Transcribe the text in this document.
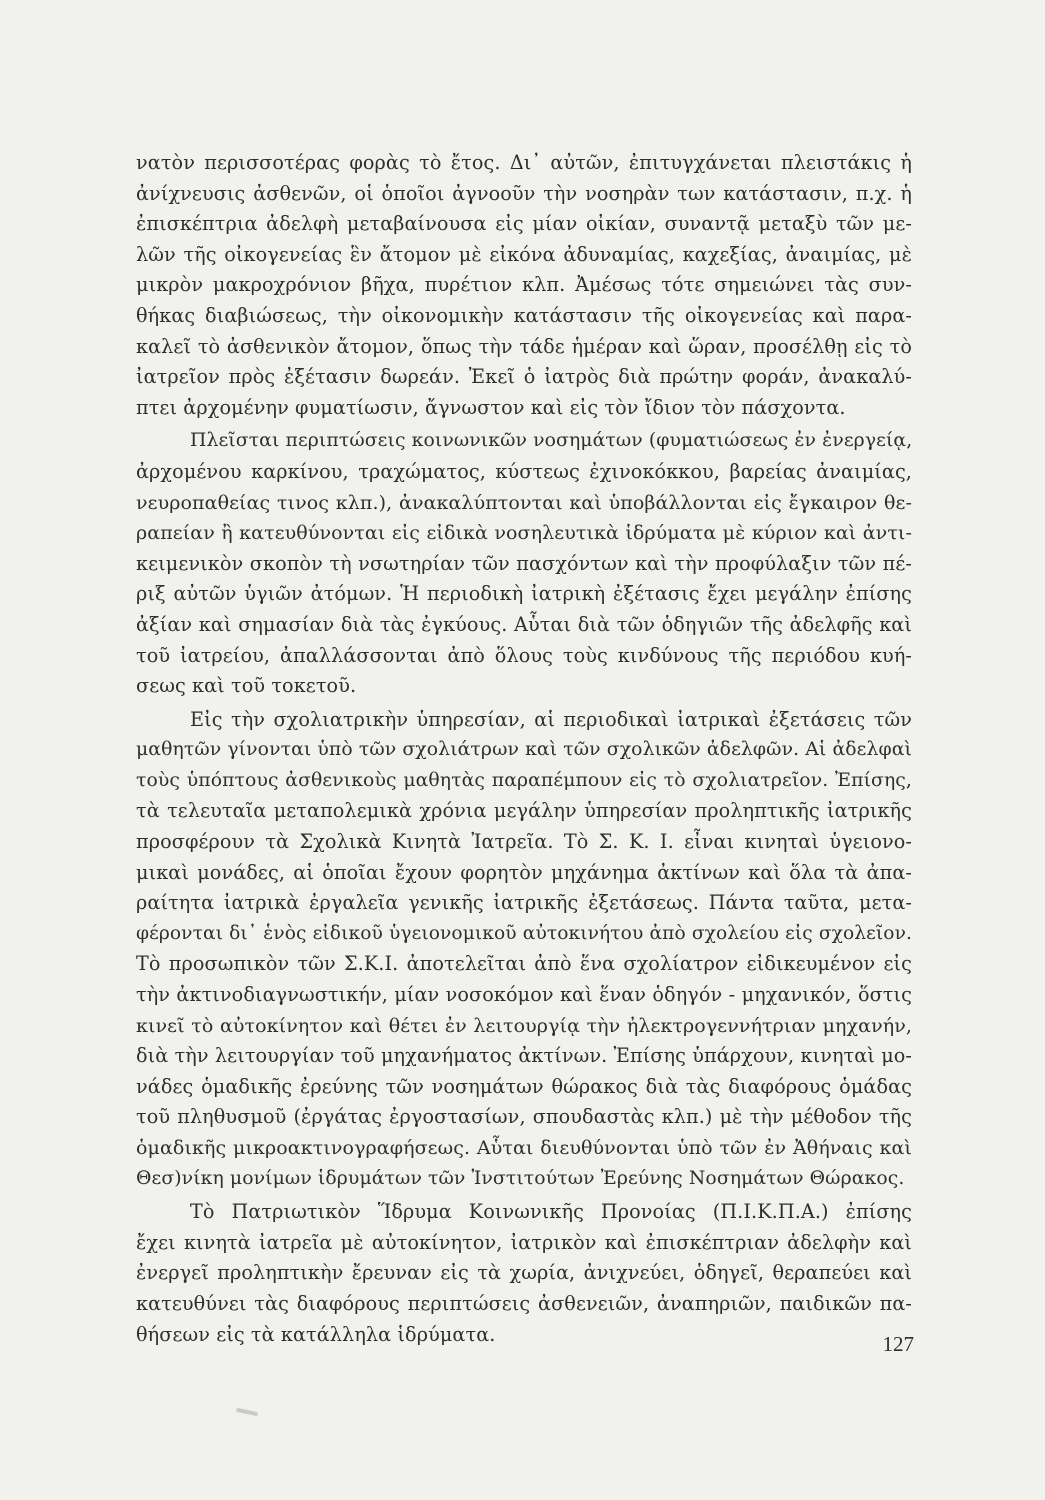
νατὸν περισσοτέρας φορὰς τὸ ἔτος. Δι᾽ αὐτῶν, ἐπιτυγχάνεται πλειστάκις ἡ
ἀνίχνευσις ἀσθενῶν, οἱ ὁποῖοι ἀγνοοῦν τὴν νοσηρὰν των κατάστασιν, π.χ. ἡ
ἐπισκέπτρια ἀδελφὴ μεταβαίνουσα εἰς μίαν οἰκίαν, συναντᾷ μεταξὺ τῶν με-
λῶν τῆς οἰκογενείας ἓν ἄτομον μὲ εἰκόνα ἀδυναμίας, καχεξίας, ἀναιμίας, μὲ
μικρὸν μακροχρόνιον βῆχα, πυρέτιον κλπ. Ἀμέσως τότε σημειώνει τὰς συν-
θήκας διαβιώσεως, τὴν οἰκονομικὴν κατάστασιν τῆς οἰκογενείας καὶ παρα-
καλεῖ τὸ ἀσθενικὸν ἄτομον, ὅπως τὴν τάδε ἡμέραν καὶ ὥραν, προσέλθῃ εἰς τὸ
ἰατρεῖον πρὸς ἐξέτασιν δωρεάν. Ἐκεῖ ὁ ἰατρὸς διὰ πρώτην φοράν, ἀνακαλύ-
πτει ἀρχομένην φυματίωσιν, ἄγνωστον καὶ εἰς τὸν ἴδιον τὸν πάσχοντα.
Πλεῖσται περιπτώσεις κοινωνικῶν νοσημάτων (φυματιώσεως ἐν ἐνεργείᾳ,
ἀρχομένου καρκίνου, τραχώματος, κύστεως ἐχινοκόκκου, βαρείας ἀναιμίας,
νευροπαθείας τινος κλπ.), ἀνακαλύπτονται καὶ ὑποβάλλονται εἰς ἔγκαιρον θε-
ραπείαν ἢ κατευθύνονται εἰς εἰδικὰ νοσηλευτικὰ ἱδρύματα μὲ κύριον καὶ ἀντι-
κειμενικὸν σκοπὸν τὴ νσωτηρίαν τῶν πασχόντων καὶ τὴν προφύλαξιν τῶν πέ-
ριξ αὐτῶν ὑγιῶν ἀτόμων. Ἡ περιοδικὴ ἰατρικὴ ἐξέτασις ἔχει μεγάλην ἐπίσης
ἀξίαν καὶ σημασίαν διὰ τὰς ἐγκύους. Αὗται διὰ τῶν ὁδηγιῶν τῆς ἀδελφῆς καὶ
τοῦ ἰατρείου, ἀπαλλάσσονται ἀπὸ ὅλους τοὺς κινδύνους τῆς περιόδου κυή-
σεως καὶ τοῦ τοκετοῦ.
Εἰς τὴν σχολιατρικὴν ὑπηρεσίαν, αἱ περιοδικαὶ ἰατρικαὶ ἐξετάσεις τῶν
μαθητῶν γίνονται ὑπὸ τῶν σχολιάτρων καὶ τῶν σχολικῶν ἀδελφῶν. Αἱ ἀδελφαὶ
τοὺς ὑπόπτους ἀσθενικοὺς μαθητὰς παραπέμπουν εἰς τὸ σχολιατρεῖον. Ἐπίσης,
τὰ τελευταῖα μεταπολεμικὰ χρόνια μεγάλην ὑπηρεσίαν προληπτικῆς ἰατρικῆς
προσφέρουν τὰ Σχολικὰ Κινητὰ Ἰατρεῖα. Τὸ Σ. Κ. Ι. εἶναι κινηταὶ ὑγειονο-
μικαὶ μονάδες, αἱ ὁποῖαι ἔχουν φορητὸν μηχάνημα ἀκτίνων καὶ ὅλα τὰ ἀπα-
ραίτητα ἰατρικὰ ἐργαλεῖα γενικῆς ἰατρικῆς ἐξετάσεως. Πάντα ταῦτα, μετα-
φέρονται δι᾽ ἑνὸς εἰδικοῦ ὑγειονομικοῦ αὐτοκινήτου ἀπὸ σχολείου εἰς σχολεῖον.
Τὸ προσωπικὸν τῶν Σ.Κ.Ι. ἀποτελεῖται ἀπὸ ἕνα σχολίατρον εἰδικευμένον εἰς
τὴν ἀκτινοδιαγνωστικήν, μίαν νοσοκόμον καὶ ἕναν ὁδηγόν - μηχανικόν, ὅστις
κινεῖ τὸ αὐτοκίνητον καὶ θέτει ἐν λειτουργίᾳ τὴν ἠλεκτρογεννήτριαν μηχανήν,
διὰ τὴν λειτουργίαν τοῦ μηχανήματος ἀκτίνων. Ἐπίσης ὑπάρχουν, κινηταὶ μο-
νάδες ὁμαδικῆς ἐρεύνης τῶν νοσημάτων θώρακος διὰ τὰς διαφόρους ὁμάδας
τοῦ πληθυσμοῦ (ἐργάτας ἐργοστασίων, σπουδαστὰς κλπ.) μὲ τὴν μέθοδον τῆς
ὁμαδικῆς μικροακτινογραφήσεως. Αὗται διευθύνονται ὑπὸ τῶν ἐν Ἀθήναις καὶ
Θεσ)νίκη μονίμων ἱδρυμάτων τῶν Ἰνστιτούτων Ἐρεύνης Νοσημάτων Θώρακος.
Τὸ Πατριωτικὸν Ἵδρυμα Κοινωνικῆς Προνοίας (Π.Ι.Κ.Π.Α.) ἐπίσης
ἔχει κινητὰ ἰατρεῖα μὲ αὐτοκίνητον, ἰατρικὸν καὶ ἐπισκέπτριαν ἀδελφὴν καὶ
ἐνεργεῖ προληπτικὴν ἔρευναν εἰς τὰ χωρία, ἀνιχνεύει, ὁδηγεῖ, θεραπεύει καὶ
κατευθύνει τὰς διαφόρους περιπτώσεις ἀσθενειῶν, ἀναπηριῶν, παιδικῶν πα-
θήσεων εἰς τὰ κατάλληλα ἱδρύματα.	127
